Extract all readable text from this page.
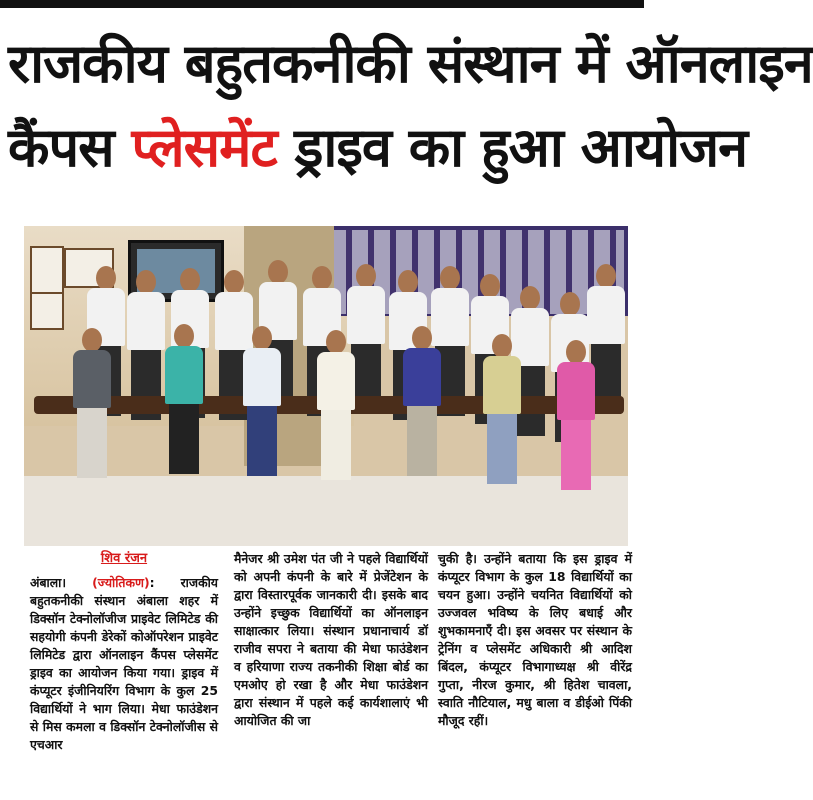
राजकीय बहुतकनीकी संस्थान में ऑनलाइन
कैंपस प्लेसमेंट ड्राइव का हुआ आयोजन
शिव रंजन

अंबाला। (ज्योतिकण): राजकीय बहुतकनीकी संस्थान अंबाला शहर में डिक्सॉन टेक्नोलॉजीज प्राइवेट लिमिटेड की सहयोगी कंपनी डेरेकों कोऑपरेशन प्राइवेट लिमिटेड द्वारा ऑनलाइन कैंपस प्लेसमेंट ड्राइव का आयोजन किया गया। ड्राइव में कंप्यूटर इंजीनियरिंग विभाग के कुल 25 विद्यार्थियों ने भाग लिया। मेधा फाउंडेशन से मिस कमला व डिक्सॉन टेक्नोलॉजीस से एचआर

मैनेजर श्री उमेश पंत जी ने पहले विद्यार्थियों को अपनी कंपनी के बारे में प्रेजेंटेशन के द्वारा विस्तारपूर्वक जानकारी दी। इसके बाद उन्होंने इच्छुक विद्यार्थियों का ऑनलाइन साक्षात्कार लिया। संस्थान प्रधानाचार्य डॉ राजीव सपरा ने बताया की मेधा फाउंडेशन व हरियाणा राज्य तकनीकी शिक्षा बोर्ड का एमओए हो रखा है और मेधा फाउंडेशन द्वारा संस्थान में पहले कई कार्यशालाएं भी आयोजित की जा

चुकी है। उन्होंने बताया कि इस ड्राइव में कंप्यूटर विभाग के कुल 18 विद्यार्थियों का चयन हुआ। उन्होंने चयनित विद्यार्थियों को उज्जवल भविष्य के लिए बधाई और शुभकामनाएँ दी। इस अवसर पर संस्थान के ट्रेनिंग व प्लेसमेंट अधिकारी श्री आदिश बिंदल, कंप्यूटर विभागाध्यक्ष श्री वीरेंद्र गुप्ता, नीरज कुमार, श्री हितेश चावला, स्वाति नौटियाल, मधु बाला व डीईओ पिंकी मौजूद रहीं।
